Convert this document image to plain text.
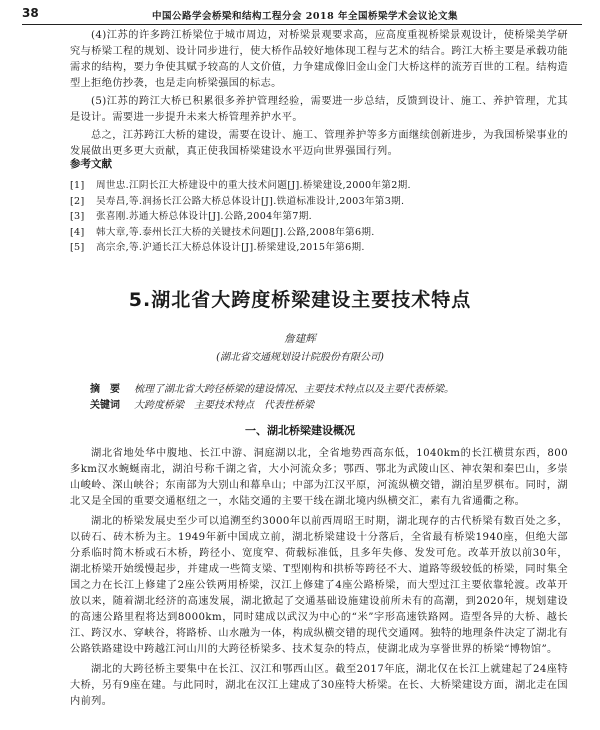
38	中国公路学会桥梁和结构工程分会 2018 年全国桥梁学术会议论文集

(4)江苏的许多跨江桥梁位于城市周边，对桥梁景观要求高，应高度重视桥梁景观设计，使桥梁美学研究与桥梁工程的规划、设计同步进行，使大桥作品较好地体现工程与艺术的结合。跨江大桥主要是承载功能需求的结构，要力争使其赋予较高的人文价值，力争建成像旧金山金门大桥这样的流芳百世的工程。结构造型上拒绝仿抄袭，也是走向桥梁强国的标志。

(5)江苏的跨江大桥已积累很多养护管理经验，需要进一步总结，反馈到设计、施工、养护管理，尤其是设计。需要进一步提升未来大桥管理养护水平。

总之，江苏跨江大桥的建设，需要在设计、施工、管理养护等多方面继续创新进步，为我国桥梁事业的发展做出更多更大贡献，真正使我国桥梁建设水平迈向世界强国行列。

参考文献
[1] 周世忠.江阴长江大桥建设中的重大技术问题[J].桥梁建设,2000年第2期.
[2] 吴寿昌,等.润扬长江公路大桥总体设计[J].铁道标准设计,2003年第3期.
[3] 张喜刚.苏通大桥总体设计[J].公路,2004年第7期.
[4] 韩大章,等.泰州长江大桥的关键技术问题[J].公路,2008年第6期.
[5] 高宗余,等.沪通长江大桥总体设计[J].桥梁建设,2015年第6期.
5.湖北省大跨度桥梁建设主要技术特点
詹建辉
(湖北省交通规划设计院股份有限公司)
摘　要 梳理了湖北省大跨径桥梁的建设情况、主要技术特点以及主要代表桥梁。
关键词 大跨度桥梁　主要技术特点　代表性桥梁
一、湖北桥梁建设概况

湖北省地处华中腹地、长江中游、洞庭湖以北，全省地势西高东低，1040km的长江横贯东西，800多km汉水蜿蜒南北，湖泊号称千湖之省，大小河流众多；鄂西、鄂北为武陵山区、神农架和秦巴山，多崇山峻岭、深山峡谷；东南部为大别山和幕阜山；中部为江汉平原，河流纵横交错，湖泊星罗棋布。同时，湖北又是全国的重要交通枢纽之一，水陆交通的主要干线在湖北境内纵横交汇，素有九省通衢之称。

湖北的桥梁发展史至少可以追溯至约3000年以前西周昭王时期，湖北现存的古代桥梁有数百处之多，以砖石、砖木桥为主。1949年新中国成立前，湖北桥梁建设十分落后，全省最有桥梁1940座，但绝大部分系临时简木桥或石木桥，跨径小、宽度窄、荷载标准低，且多年失修、发发可危。改革开放以前30年，湖北桥梁开始缓慢起步，并建成一些简支梁、T型刚构和拱桥等跨径不大、道路等级较低的桥梁，同时集全国之力在长江上修建了2座公铁两用桥梁，汉江上修建了4座公路桥梁，而大型过江主要依靠轮渡。改革开放以来，随着湖北经济的高速发展，湖北掀起了交通基础设施建设前所未有的高潮，到2020年，规划建设的高速公路里程将达到8000km，同时建成以武汉为中心的“米”字形高速铁路网。造型各异的大桥、越长江、跨汉水、穿峡谷，将路桥、山水融为一体，构成纵横交错的现代交通网。独特的地理条件决定了湖北有公路铁路建设中跨越江河山川的大跨径桥梁多、技术复杂的特点，使湖北成为享誉世界的桥梁“博物馆”。

湖北的大跨径桥主要集中在长江、汉江和鄂西山区。截至2017年底，湖北仅在长江上就建起了24座特大桥，另有9座在建。与此同时，湖北在汉江上建成了30座特大桥梁。在长、大桥梁建设方面，湖北走在国内前列。
